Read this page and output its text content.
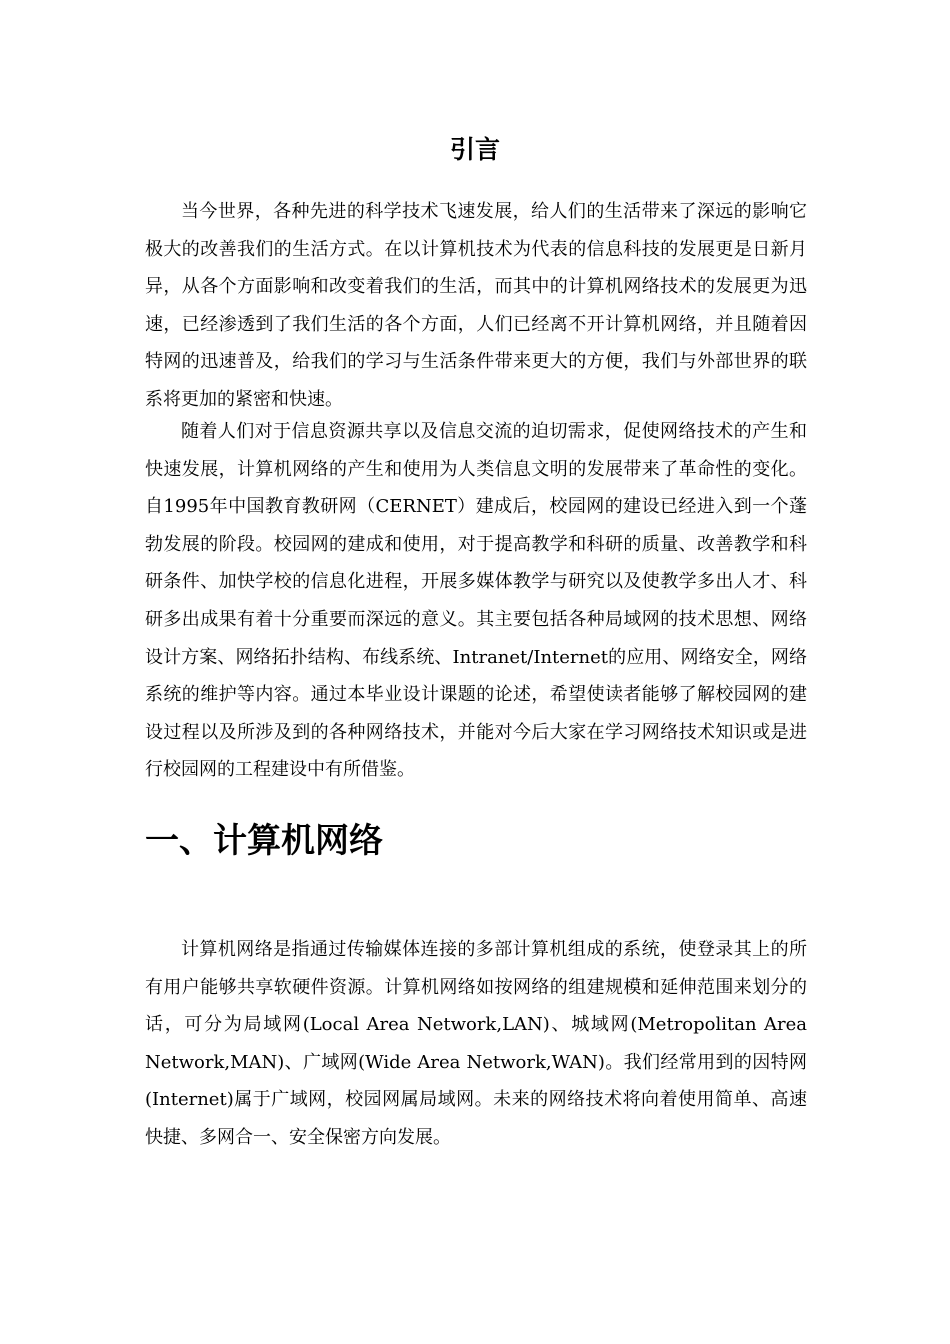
引言

当今世界，各种先进的科学技术飞速发展，给人们的生活带来了深远的影响它极大的改善我们的生活方式。在以计算机技术为代表的信息科技的发展更是日新月异，从各个方面影响和改变着我们的生活，而其中的计算机网络技术的发展更为迅速，已经渗透到了我们生活的各个方面，人们已经离不开计算机网络，并且随着因特网的迅速普及，给我们的学习与生活条件带来更大的方便，我们与外部世界的联系将更加的紧密和快速。

随着人们对于信息资源共享以及信息交流的迫切需求，促使网络技术的产生和快速发展，计算机网络的产生和使用为人类信息文明的发展带来了革命性的变化。自1995年中国教育教研网（CERNET）建成后，校园网的建设已经进入到一个蓬勃发展的阶段。校园网的建成和使用，对于提高教学和科研的质量、改善教学和科研条件、加快学校的信息化进程，开展多媒体教学与研究以及使教学多出人才、科研多出成果有着十分重要而深远的意义。其主要包括各种局域网的技术思想、网络设计方案、网络拓扑结构、布线系统、Intranet/Internet的应用、网络安全，网络系统的维护等内容。通过本毕业设计课题的论述，希望使读者能够了解校园网的建设过程以及所涉及到的各种网络技术，并能对今后大家在学习网络技术知识或是进行校园网的工程建设中有所借鉴。

一、计算机网络

计算机网络是指通过传输媒体连接的多部计算机组成的系统，使登录其上的所有用户能够共享软硬件资源。计算机网络如按网络的组建规模和延伸范围来划分的话，可分为局域网(Local Area Network,LAN)、城域网(Metropolitan Area Network,MAN)、广域网(Wide Area Network,WAN)。我们经常用到的因特网(Internet)属于广域网，校园网属局域网。未来的网络技术将向着使用简单、高速快捷、多网合一、安全保密方向发展。
